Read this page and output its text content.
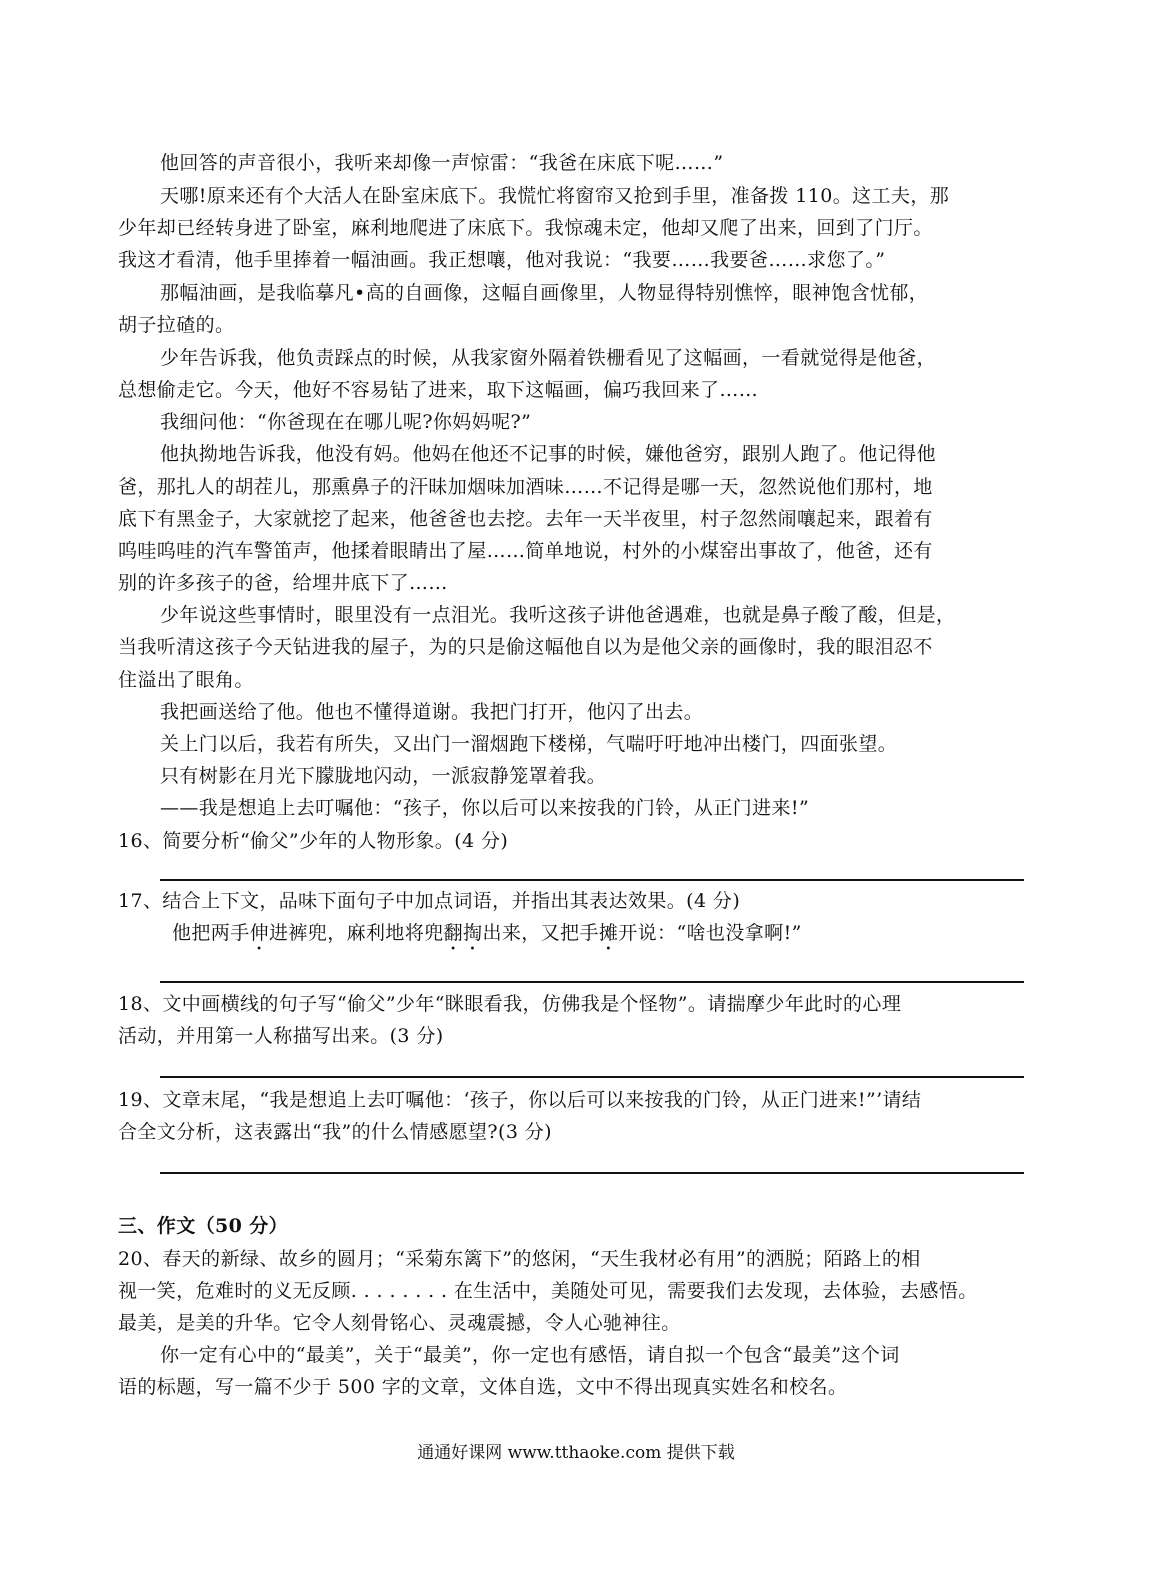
他回答的声音很小，我听来却像一声惊雷：“我爸在床底下呢……”
天哪!原来还有个大活人在卧室床底下。我慌忙将窗帘又抢到手里，准备拨 110。这工夫，那
少年却已经转身进了卧室，麻利地爬进了床底下。我惊魂未定，他却又爬了出来，回到了门厅。
我这才看清，他手里捧着一幅油画。我正想嚷，他对我说：“我要……我要爸……求您了。”
那幅油画，是我临摹凡•高的自画像，这幅自画像里，人物显得特别憔悴，眼神饱含忧郁，
胡子拉碴的。
少年告诉我，他负责踩点的时候，从我家窗外隔着铁栅看见了这幅画，一看就觉得是他爸，
总想偷走它。今天，他好不容易钻了进来，取下这幅画，偏巧我回来了……
我细问他：“你爸现在在哪儿呢?你妈妈呢?”
他执拗地告诉我，他没有妈。他妈在他还不记事的时候，嫌他爸穷，跟别人跑了。他记得他
爸，那扎人的胡茬儿，那熏鼻子的汗昧加烟味加酒味……不记得是哪一天，忽然说他们那村，地
底下有黑金子，大家就挖了起来，他爸爸也去挖。去年一天半夜里，村子忽然闹嚷起来，跟着有
呜哇呜哇的汽车警笛声，他揉着眼睛出了屋……简单地说，村外的小煤窑出事故了，他爸，还有
别的许多孩子的爸，给埋井底下了……
少年说这些事情时，眼里没有一点泪光。我听这孩子讲他爸遇难，也就是鼻子酸了酸，但是，
当我听清这孩子今天钻进我的屋子，为的只是偷这幅他自以为是他父亲的画像时，我的眼泪忍不
住溢出了眼角。
我把画送给了他。他也不懂得道谢。我把门打开，他闪了出去。
关上门以后，我若有所失，又出门一溜烟跑下楼梯，气喘吁吁地冲出楼门，四面张望。
只有树影在月光下朦胧地闪动，一派寂静笼罩着我。
——我是想追上去叮嘱他：“孩子，你以后可以来按我的门铃，从正门进来!”
16、简要分析“偷父”少年的人物形象。(4 分)
17、结合上下文，品味下面句子中加点词语，并指出其表达效果。(4 分)
他把两手伸进裤兜，麻利地将兜翻掏出来，又把手摊开说：“啥也没拿啊!”
18、文中画横线的句子写“偷父”少年“眯眼看我，仿佛我是个怪物”。请揣摩少年此时的心理
活动，并用第一人称描写出来。(3 分)
19、文章末尾，“我是想追上去叮嘱他：‘孩子，你以后可以来按我的门铃，从正门进来!”’请结
合全文分析，这表露出“我”的什么情感愿望?(3 分)
三、作文（50 分）
20、春天的新绿、故乡的圆月；“采菊东篱下”的悠闲，“天生我材必有用”的洒脱；陌路上的相
视一笑，危难时的义无反顾. . . . . . . . 在生活中，美随处可见，需要我们去发现，去体验，去感悟。
最美，是美的升华。它令人刻骨铭心、灵魂震撼，令人心驰神往。
你一定有心中的“最美”，关于“最美”，你一定也有感悟，请自拟一个包含“最美”这个词
语的标题，写一篇不少于 500 字的文章，文体自选，文中不得出现真实姓名和校名。
通通好课网 www.tthaoke.com 提供下载
